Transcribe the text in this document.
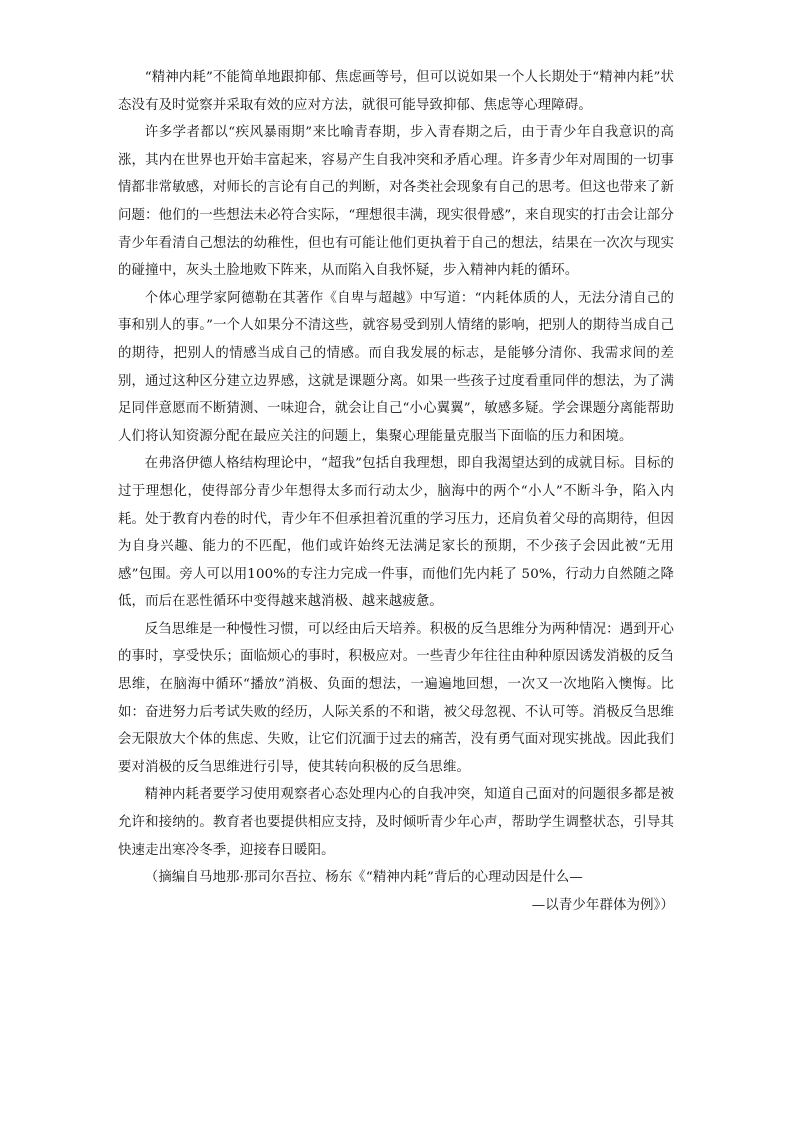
“精神内耗”不能简单地跟抑郁、焦虑画等号，但可以说如果一个人长期处于“精神内耗”状态没有及时觉察并采取有效的应对方法，就很可能导致抑郁、焦虑等心理障碍。

许多学者都以“疾风暴雨期”来比喻青春期，步入青春期之后，由于青少年自我意识的高涨，其内在世界也开始丰富起来，容易产生自我冲突和矛盾心理。许多青少年对周围的一切事情都非常敏感，对师长的言论有自己的判断，对各类社会现象有自己的思考。但这也带来了新问题：他们的一些想法未必符合实际，“理想很丰满，现实很骨感”，来自现实的打击会让部分青少年看清自己想法的幼稚性，但也有可能让他们更执着于自己的想法，结果在一次次与现实的碰撞中，灰头土脸地败下阵来，从而陷入自我怀疑，步入精神内耗的循环。

个体心理学家阿德勒在其著作《自卑与超越》中写道：“内耗体质的人，无法分清自己的事和别人的事。”一个人如果分不清这些，就容易受到别人情绪的影响，把别人的期待当成自己的期待，把别人的情感当成自己的情感。而自我发展的标志，是能够分清你、我需求间的差别，通过这种区分建立边界感，这就是课题分离。如果一些孩子过度看重同伴的想法，为了满足同伴意愿而不断猜测、一味迎合，就会让自己“小心翼翼”，敏感多疑。学会课题分离能帮助人们将认知资源分配在最应关注的问题上，集聚心理能量克服当下面临的压力和困境。

在弗洛伊德人格结构理论中，“超我”包括自我理想，即自我渴望达到的成就目标。目标的过于理想化，使得部分青少年想得太多而行动太少，脑海中的两个“小人”不断斗争，陷入内耗。处于教育内卷的时代，青少年不但承担着沉重的学习压力，还肩负着父母的高期待，但因为自身兴趣、能力的不匹配，他们或许始终无法满足家长的预期，不少孩子会因此被“无用感”包围。旁人可以用100%的专注力完成一件事，而他们先内耗了 50%，行动力自然随之降低，而后在恶性循环中变得越来越消极、越来越疲惫。

反刍思维是一种慢性习惯，可以经由后天培养。积极的反刍思维分为两种情况：遇到开心的事时，享受快乐；面临烦心的事时，积极应对。一些青少年往往由种种原因诱发消极的反刍思维，在脑海中循环“播放”消极、负面的想法，一遍遍地回想，一次又一次地陷入懊悔。比如：奋进努力后考试失败的经历，人际关系的不和谐，被父母忽视、不认可等。消极反刍思维会无限放大个体的焦虑、失败，让它们沉湎于过去的痛苦，没有勇气面对现实挑战。因此我们要对消极的反刍思维进行引导，使其转向积极的反刍思维。

精神内耗者要学习使用观察者心态处理内心的自我冲突，知道自己面对的问题很多都是被允许和接纳的。教育者也要提供相应支持，及时倾听青少年心声，帮助学生调整状态，引导其快速走出寒冷冬季，迎接春日暖阳。

（摘编自马地那·那司尔吾拉、杨东《“精神内耗”背后的心理动因是什么—
—以青少年群体为例》）
